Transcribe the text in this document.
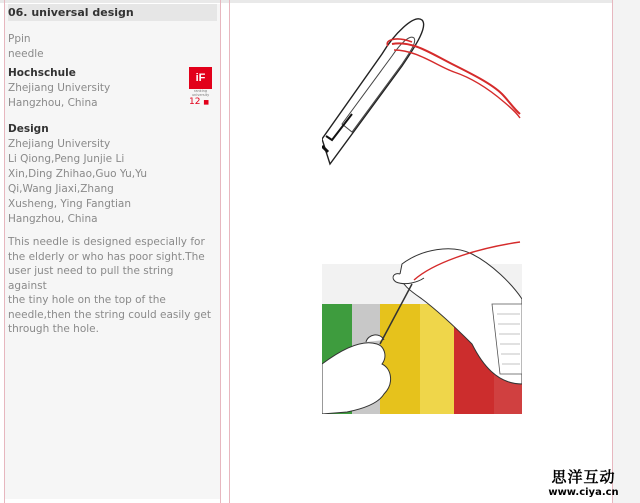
06. universal design
Ppin
needle
Hochschule
Zhejiang University
Hangzhou, China
iF
ranking
university
12 ■
Design
Zhejiang University
Li Qiong,Peng Junjie Li
Xin,Ding Zhihao,Guo Yu,Yu
Qi,Wang Jiaxi,Zhang
Xusheng, Ying Fangtian
Hangzhou, China
This needle is designed especially for
the elderly or who has poor sight.The
user just need to pull the string against
the tiny hole on the top of the
needle,then the string could easily get
through the hole.
思洋互动
www.ciya.cn
